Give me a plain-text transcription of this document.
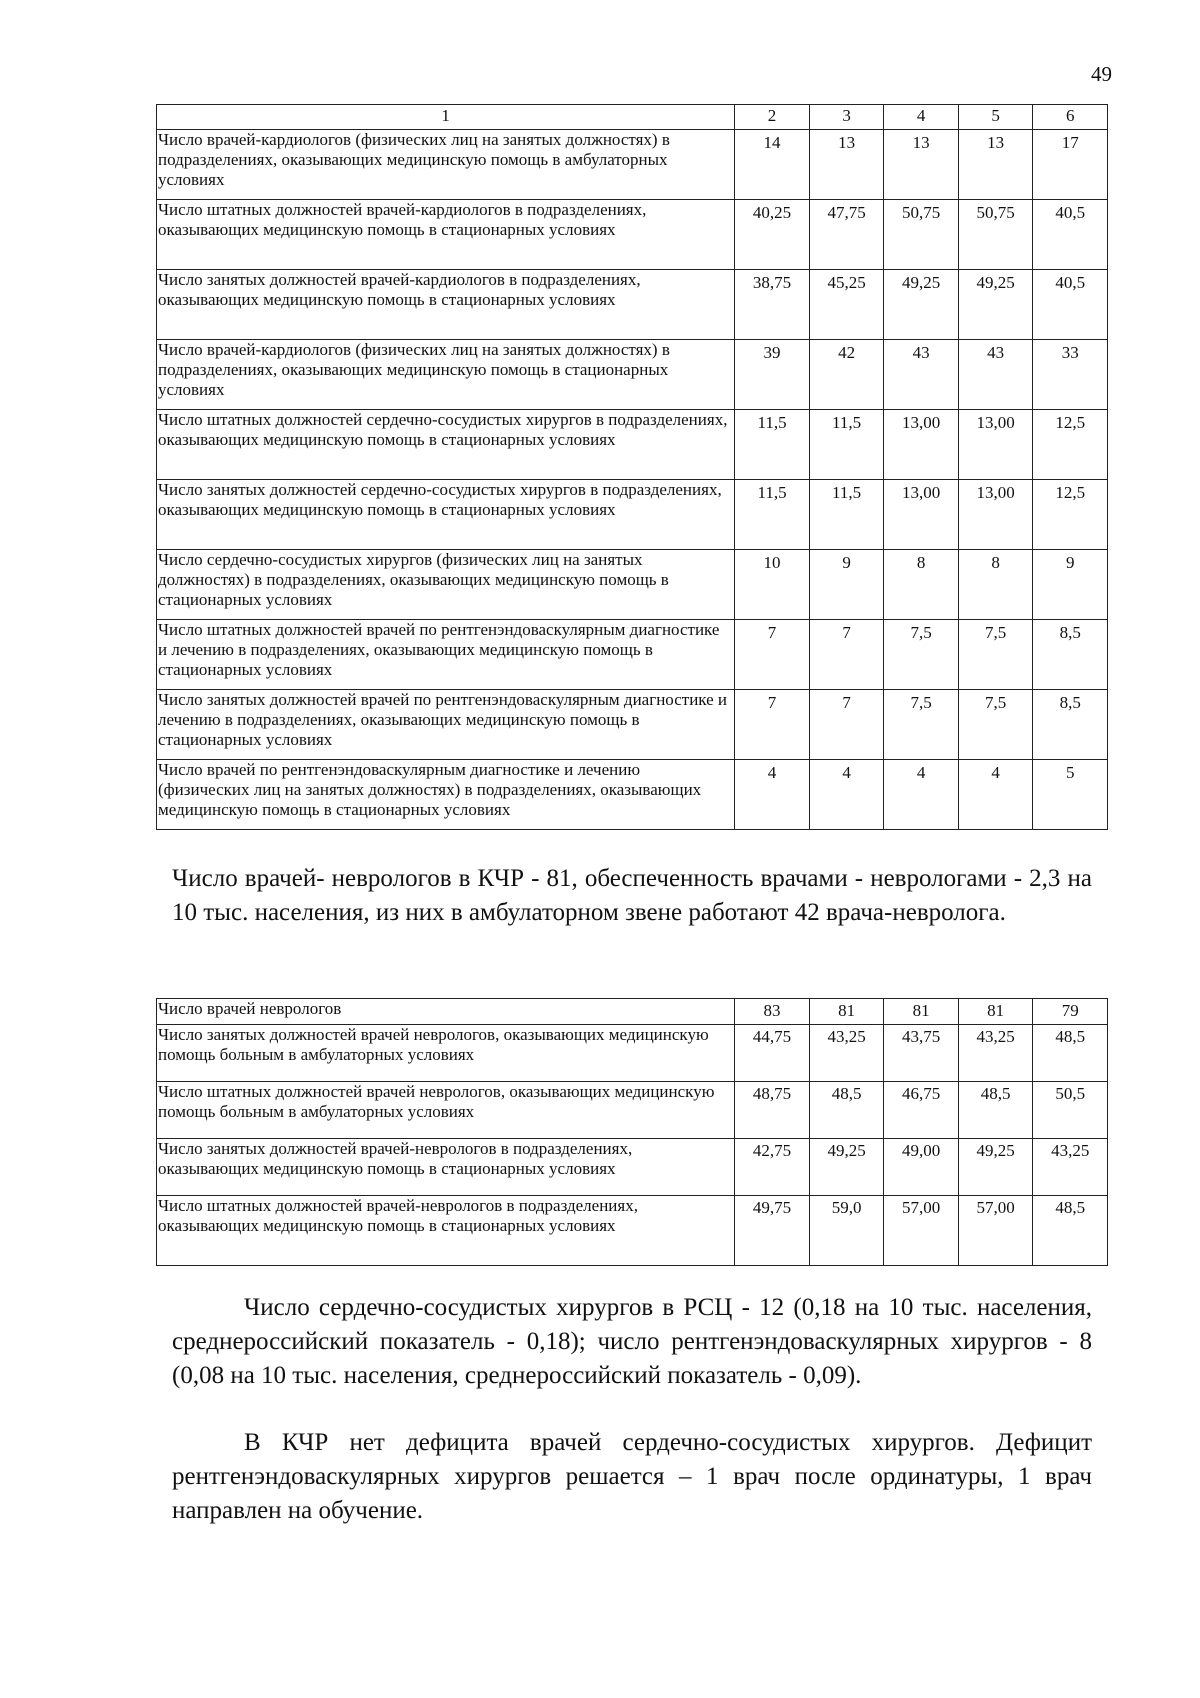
49
1	2	3	4	5	6
Число врачей-кардиологов (физических лиц на занятых должностях) в подразделениях, оказывающих медицинскую помощь в амбулаторных условиях	14	13	13	13	17
Число штатных должностей врачей-кардиологов в подразделениях, оказывающих медицинскую помощь в стационарных условиях	40,25	47,75	50,75	50,75	40,5
Число занятых должностей врачей-кардиологов в подразделениях, оказывающих медицинскую помощь в стационарных условиях	38,75	45,25	49,25	49,25	40,5
Число врачей-кардиологов (физических лиц на занятых должностях) в подразделениях, оказывающих медицинскую помощь в стационарных условиях	39	42	43	43	33
Число штатных должностей сердечно-сосудистых хирургов в подразделениях, оказывающих медицинскую помощь в стационарных условиях	11,5	11,5	13,00	13,00	12,5
Число занятых должностей сердечно-сосудистых хирургов в подразделениях, оказывающих медицинскую помощь в стационарных условиях	11,5	11,5	13,00	13,00	12,5
Число сердечно-сосудистых хирургов (физических лиц на занятых должностях) в подразделениях, оказывающих медицинскую помощь в стационарных условиях	10	9	8	8	9
Число штатных должностей врачей по рентгенэндоваскулярным диагностике и лечению в подразделениях, оказывающих медицинскую помощь в стационарных условиях	7	7	7,5	7,5	8,5
Число занятых должностей врачей по рентгенэндоваскулярным диагностике и лечению в подразделениях, оказывающих медицинскую помощь в стационарных условиях	7	7	7,5	7,5	8,5
Число врачей по рентгенэндоваскулярным диагностике и лечению (физических лиц на занятых должностях) в подразделениях, оказывающих медицинскую помощь в стационарных условиях	4	4	4	4	5

Число врачей- неврологов в КЧР - 81, обеспеченность врачами - неврологами - 2,3 на 10 тыс. населения, из них в амбулаторном звене работают 42 врача-невролога.

Число врачей неврологов	83	81	81	81	79
Число занятых должностей врачей неврологов, оказывающих медицинскую помощь больным в амбулаторных условиях	44,75	43,25	43,75	43,25	48,5
Число штатных должностей врачей неврологов, оказывающих медицинскую помощь больным в амбулаторных условиях	48,75	48,5	46,75	48,5	50,5
Число занятых должностей врачей-неврологов в подразделениях, оказывающих медицинскую помощь в стационарных условиях	42,75	49,25	49,00	49,25	43,25
Число штатных должностей врачей-неврологов в подразделениях, оказывающих медицинскую помощь в стационарных условиях	49,75	59,0	57,00	57,00	48,5

Число сердечно-сосудистых хирургов в РСЦ - 12 (0,18 на 10 тыс. населения, среднероссийский показатель - 0,18); число рентгенэндоваскулярных хирургов - 8 (0,08 на 10 тыс. населения, среднероссийский показатель - 0,09).

В КЧР нет дефицита врачей сердечно-сосудистых хирургов. Дефицит рентгенэндоваскулярных хирургов решается – 1 врач после ординатуры, 1 врач направлен на обучение.
